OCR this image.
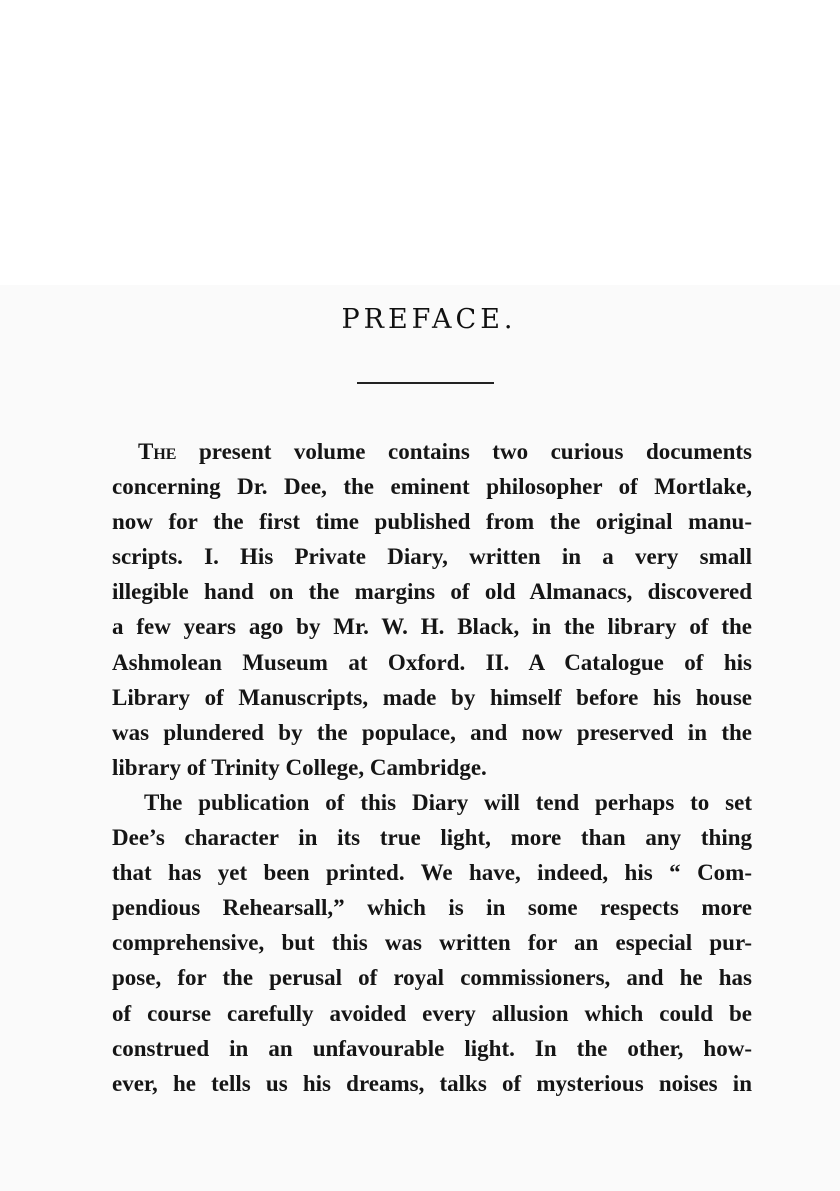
PREFACE.
The present volume contains two curious documents
concerning Dr. Dee, the eminent philosopher of Mortlake,
now for the first time published from the original manu-
scripts. I. His Private Diary, written in a very small
illegible hand on the margins of old Almanacs, discovered
a few years ago by Mr. W. H. Black, in the library of the
Ashmolean Museum at Oxford. II. A Catalogue of his
Library of Manuscripts, made by himself before his house
was plundered by the populace, and now preserved in the
library of Trinity College, Cambridge.
The publication of this Diary will tend perhaps to set
Dee’s character in its true light, more than any thing
that has yet been printed. We have, indeed, his “ Com-
pendious Rehearsall,” which is in some respects more
comprehensive, but this was written for an especial pur-
pose, for the perusal of royal commissioners, and he has
of course carefully avoided every allusion which could be
construed in an unfavourable light. In the other, how-
ever, he tells us his dreams, talks of mysterious noises in
